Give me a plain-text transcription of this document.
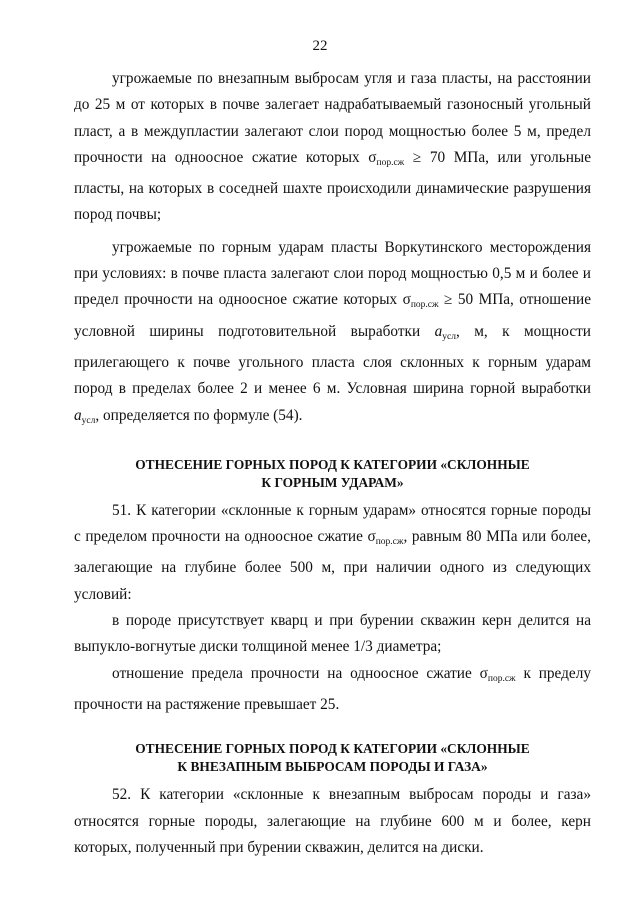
22

угрожаемые по внезапным выбросам угля и газа пласты, на расстоянии до 25 м от которых в почве залегает надрабатываемый газоносный угольный пласт, а в междупластии залегают слои пород мощностью более 5 м, предел прочности на одноосное сжатие которых $\sigma_{пор.сж} \ge 70$ МПа, или угольные пласты, на которых в соседней шахте происходили динамические разрушения пород почвы;

угрожаемые по горным ударам пласты Воркутинского месторождения при условиях: в почве пласта залегают слои пород мощностью 0,5 м и более и предел прочности на одноосное сжатие которых $\sigma_{пор.сж} \ge 50$ МПа, отношение условной ширины подготовительной выработки $a_{усл}$, м, к мощности прилегающего к почве угольного пласта слоя склонных к горным ударам пород в пределах более 2 и менее 6 м. Условная ширина горной выработки $a_{усл}$, определяется по формуле (54).

ОТНЕСЕНИЕ ГОРНЫХ ПОРОД К КАТЕГОРИИ «СКЛОННЫЕ
К ГОРНЫМ УДАРАМ»

51. К категории «склонные к горным ударам» относятся горные породы с пределом прочности на одноосное сжатие $\sigma_{пор.сж}$, равным 80 МПа или более, залегающие на глубине более 500 м, при наличии одного из следующих условий:

в породе присутствует кварц и при бурении скважин керн делится на выпукло-вогнутые диски толщиной менее 1/3 диаметра;

отношение предела прочности на одноосное сжатие $\sigma_{пор.сж}$ к пределу прочности на растяжение превышает 25.

ОТНЕСЕНИЕ ГОРНЫХ ПОРОД К КАТЕГОРИИ «СКЛОННЫЕ
К ВНЕЗАПНЫМ ВЫБРОСАМ ПОРОДЫ И ГАЗА»

52. К категории «склонные к внезапным выбросам породы и газа» относятся горные породы, залегающие на глубине 600 м и более, керн которых, полученный при бурении скважин, делится на диски.
